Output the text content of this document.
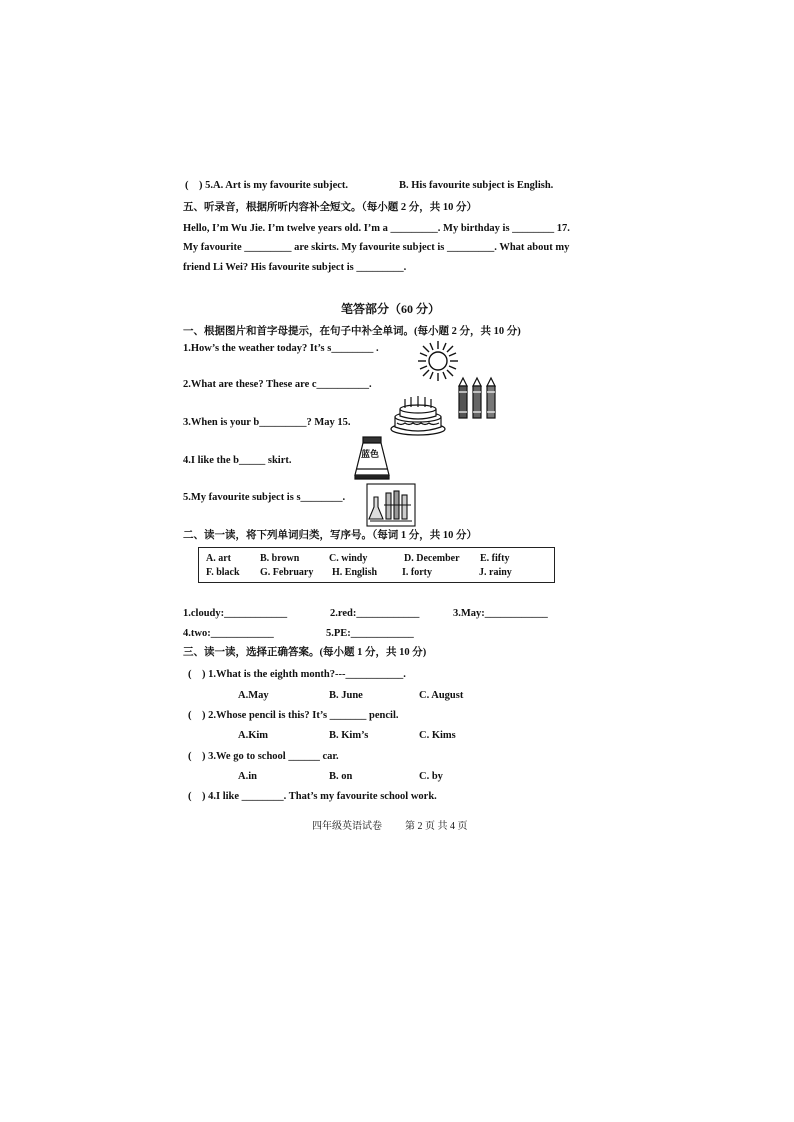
(    ) 5.A. Art is my favourite subject.	B. His favourite subject is English.
五、听录音，根据所听内容补全短文。（每小题 2 分，共 10 分）
Hello, I’m Wu Jie. I’m twelve years old. I’m a _________. My birthday is ________ 17.
My favourite _________ are skirts. My favourite subject is _________. What about my
friend Li Wei? His favourite subject is _________.
笔答部分（60 分）
一、根据图片和首字母提示，在句子中补全单词。(每小题 2 分，共 10 分)
1.How’s the weather today? It’s s________ .
2.What are these? These are c__________.
3.When is your b_________? May 15.
4.I like the b_____ skirt.
5.My favourite subject is s________.
蓝色
二、读一读，将下列单词归类，写序号。（每词 1 分，共 10 分）
A. art	B. brown	C. windy	D. December E. fifty
F. black G. February H. English I. forty	J. rainy
1.cloudy:____________	2.red:____________	3.May:____________
4.two:____________	5.PE:____________
三、读一读，选择正确答案。(每小题 1 分，共 10 分)
(    ) 1.What is the eighth month?---___________.
A.May	B. June	C. August
(    ) 2.Whose pencil is this? It’s _______ pencil.
A.Kim	B. Kim’s	C. Kims
(    ) 3.We go to school ______ car.
A.in	B. on	C. by
(    ) 4.I like ________. That’s my favourite school work.
四年级英语试卷 第 2 页 共 4 页
